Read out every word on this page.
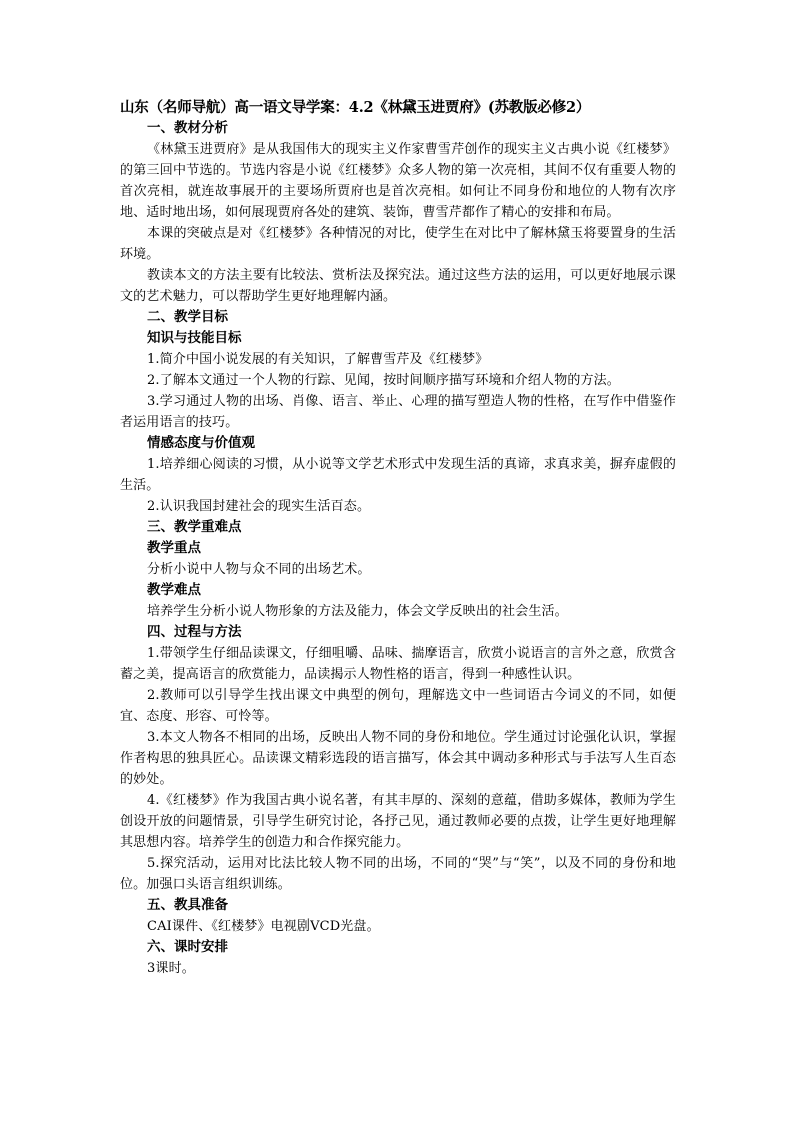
山东（名师导航）高一语文导学案：4.2《林黛玉进贾府》(苏教版必修2）

一、教材分析

《林黛玉进贾府》是从我国伟大的现实主义作家曹雪芹创作的现实主义古典小说《红楼梦》的第三回中节选的。节选内容是小说《红楼梦》众多人物的第一次亮相，其间不仅有重要人物的首次亮相，就连故事展开的主要场所贾府也是首次亮相。如何让不同身份和地位的人物有次序地、适时地出场，如何展现贾府各处的建筑、装饰，曹雪芹都作了精心的安排和布局。

本课的突破点是对《红楼梦》各种情况的对比，使学生在对比中了解林黛玉将要置身的生活环境。

教读本文的方法主要有比较法、赏析法及探究法。通过这些方法的运用，可以更好地展示课文的艺术魅力，可以帮助学生更好地理解内涵。

二、教学目标

知识与技能目标

1.简介中国小说发展的有关知识，了解曹雪芹及《红楼梦》

2.了解本文通过一个人物的行踪、见闻，按时间顺序描写环境和介绍人物的方法。

3.学习通过人物的出场、肖像、语言、举止、心理的描写塑造人物的性格，在写作中借鉴作者运用语言的技巧。

情感态度与价值观

1.培养细心阅读的习惯，从小说等文学艺术形式中发现生活的真谛，求真求美，摒弃虚假的生活。

2.认识我国封建社会的现实生活百态。

三、教学重难点

教学重点

分析小说中人物与众不同的出场艺术。

教学难点

培养学生分析小说人物形象的方法及能力，体会文学反映出的社会生活。

四、过程与方法

1.带领学生仔细品读课文，仔细咀嚼、品味、揣摩语言，欣赏小说语言的言外之意，欣赏含蓄之美，提高语言的欣赏能力，品读揭示人物性格的语言，得到一种感性认识。

2.教师可以引导学生找出课文中典型的例句，理解选文中一些词语古今词义的不同，如便宜、态度、形容、可怜等。

3.本文人物各不相同的出场，反映出人物不同的身份和地位。学生通过讨论强化认识，掌握作者构思的独具匠心。品读课文精彩选段的语言描写，体会其中调动多种形式与手法写人生百态的妙处。

4.《红楼梦》作为我国古典小说名著，有其丰厚的、深刻的意蕴，借助多媒体，教师为学生创设开放的问题情景，引导学生研究讨论，各抒己见，通过教师必要的点拨，让学生更好地理解其思想内容。培养学生的创造力和合作探究能力。

5.探究活动，运用对比法比较人物不同的出场，不同的“哭”与“笑”，以及不同的身份和地位。加强口头语言组织训练。

五、教具准备

CAI课件、《红楼梦》电视剧VCD光盘。

六、课时安排

3课时。
